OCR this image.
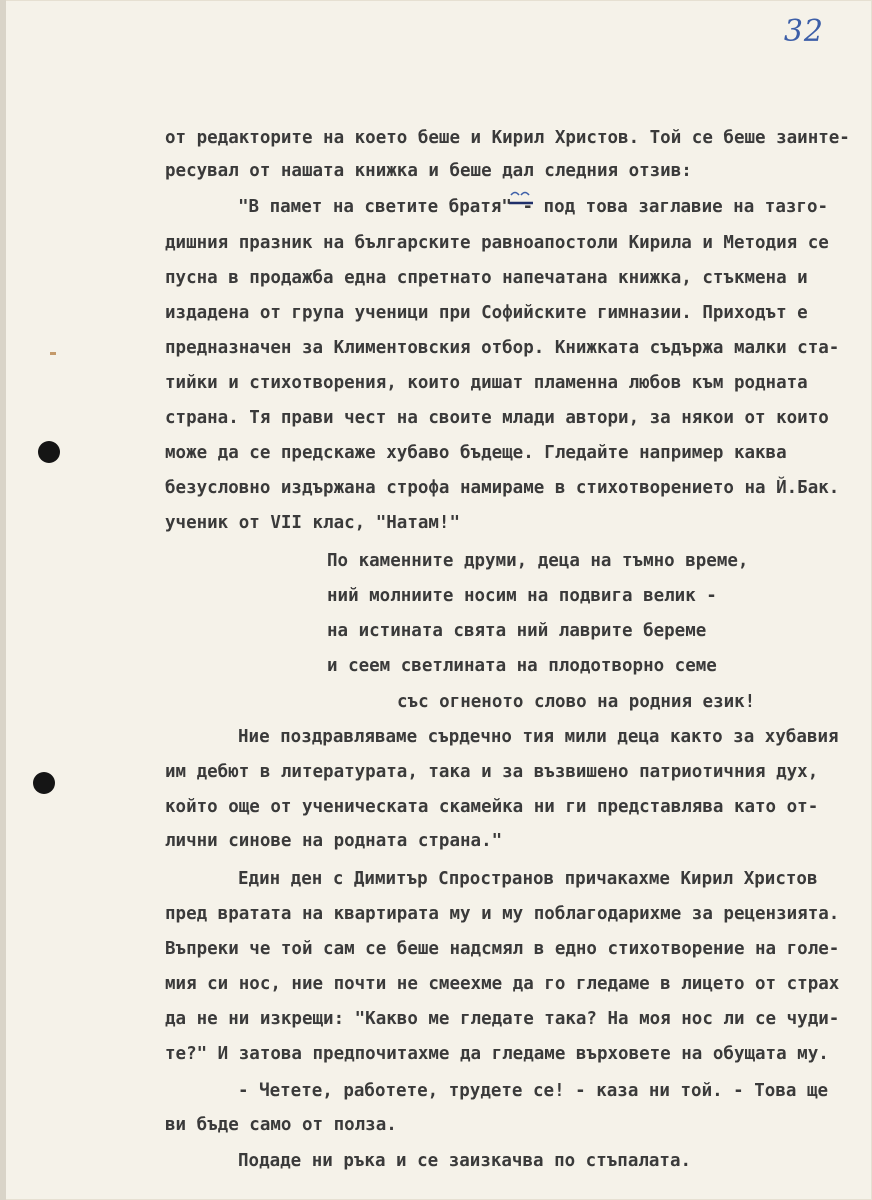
32
от редакторите на което беше и Кирил Христов. Той се беше заинте-
ресувал от нашата книжка и беше дал следния отзив:
"В памет на светите братя" - под това заглавие на тазго-
дишния празник на българските равноапостоли Кирила и Методия се
пусна в продажба една спретнато напечатана книжка, стъкмена и
издадена от група ученици при Софийските гимназии. Приходът е
предназначен за Климентовския отбор. Книжката съдържа малки ста-
тийки и стихотворения, които дишат пламенна любов към родната
страна. Тя прави чест на своите млади автори, за някои от които
може да се предскаже хубаво бъдеще. Гледайте например каква
безусловно издържана строфа намираме в стихотворението на Й.Бак.
ученик от VII клас, "Натам!"
По каменните друми, деца на тъмно време,
ний молниите носим на подвига велик -
на истината свята ний лаврите береме
и сеем светлината на плодотворно семе
със огненото слово на родния език!
Ние поздравляваме сърдечно тия мили деца както за хубавия
им дебют в литературата, така и за възвишено патриотичния дух,
който още от ученическата скамейка ни ги представлява като от-
лични синове на родната страна."
Един ден с Димитър Спространов причакахме Кирил Христов
пред вратата на квартирата му и му поблагодарихме за рецензията.
Въпреки че той сам се беше надсмял в едно стихотворение на голе-
мия си нос, ние почти не смеехме да го гледаме в лицето от страх
да не ни изкрещи: "Какво ме гледате така? На моя нос ли се чуди-
те?" И затова предпочитахме да гледаме върховете на обущата му.
- Четете, работете, трудете се! - каза ни той. - Това ще
ви бъде само от полза.
Подаде ни ръка и се заизкачва по стъпалата.
